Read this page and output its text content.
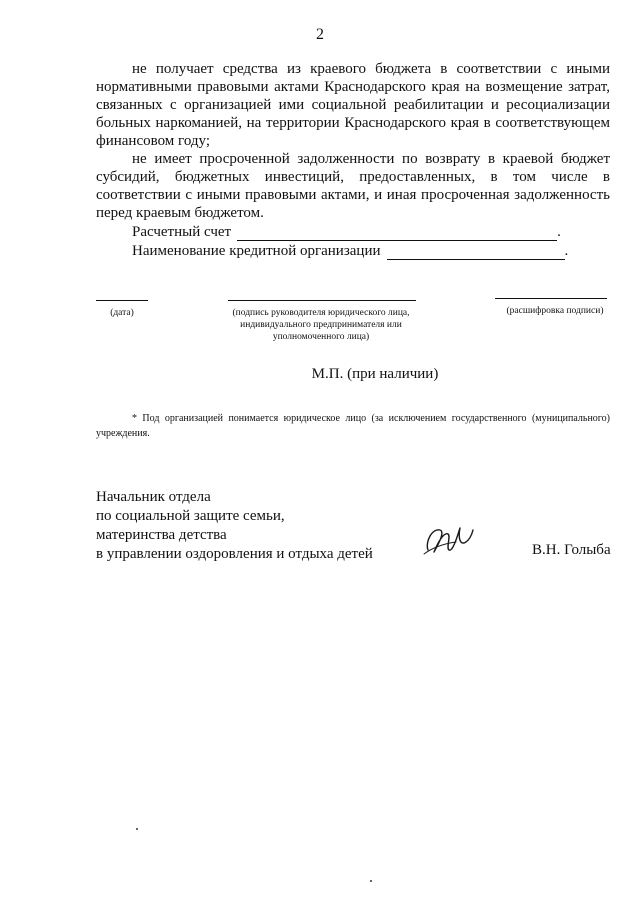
2

не получает средства из краевого бюджета в соответствии с иными нормативными правовыми актами Краснодарского края на возмещение затрат, связанных с организацией ими социальной реабилитации и ресоциализации больных наркоманией, на территории Краснодарского края в соответствующем финансовом году;

не имеет просроченной задолженности по возврату в краевой бюджет субсидий, бюджетных инвестиций, предоставленных, в том числе в соответствии с иными правовыми актами, и иная просроченная задолженность перед краевым бюджетом.

Расчетный счет	.
Наименование кредитной организации	.
(дата)	(подпись руководителя юридического лица, индивидуального предпринимателя или уполномоченного лица)
(расшифровка подписи)
М.П. (при наличии)

* Под организацией понимается юридическое лицо (за исключением государственного (муниципального) учреждения.

Начальник отдела
по социальной защите семьи,
материнства детства
в управлении оздоровления и отдыха детей	В.Н. Голыба
